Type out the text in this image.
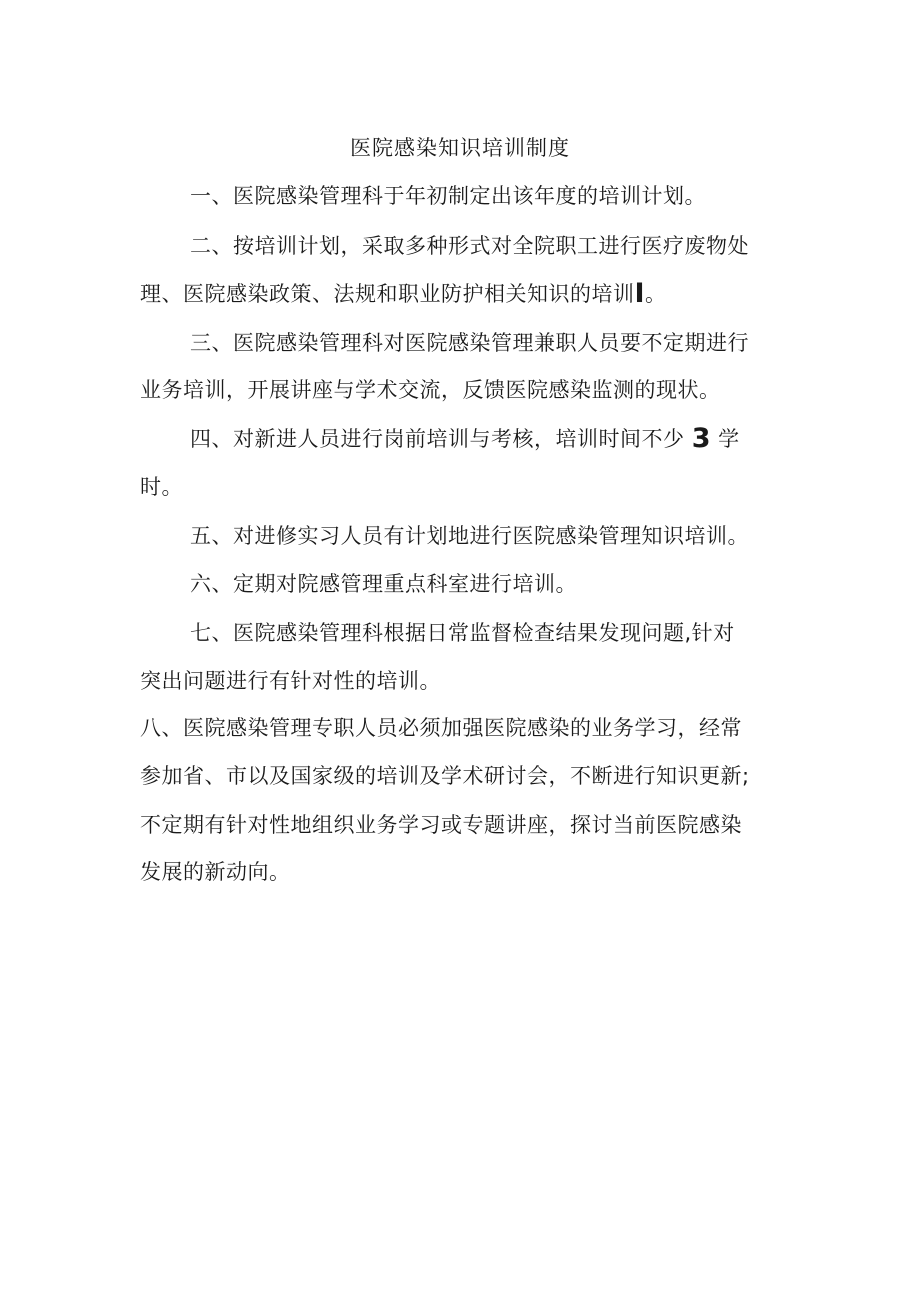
医院感染知识培训制度
一、医院感染管理科于年初制定出该年度的培训计划。
二、按培训计划，采取多种形式对全院职工进行医疗废物处
理、医院感染政策、法规和职业防护相关知识的培训I。
三、医院感染管理科对医院感染管理兼职人员要不定期进行
业务培训，开展讲座与学术交流，反馈医院感染监测的现状。
四、对新进人员进行岗前培训与考核，培训时间不少 3 学
时。
五、对进修实习人员有计划地进行医院感染管理知识培训。
六、定期对院感管理重点科室进行培训。
七、医院感染管理科根据日常监督检查结果发现问题,针对
突出问题进行有针对性的培训。
八、医院感染管理专职人员必须加强医院感染的业务学习，经常
参加省、市以及国家级的培训及学术研讨会，不断进行知识更新;
不定期有针对性地组织业务学习或专题讲座，探讨当前医院感染
发展的新动向。
